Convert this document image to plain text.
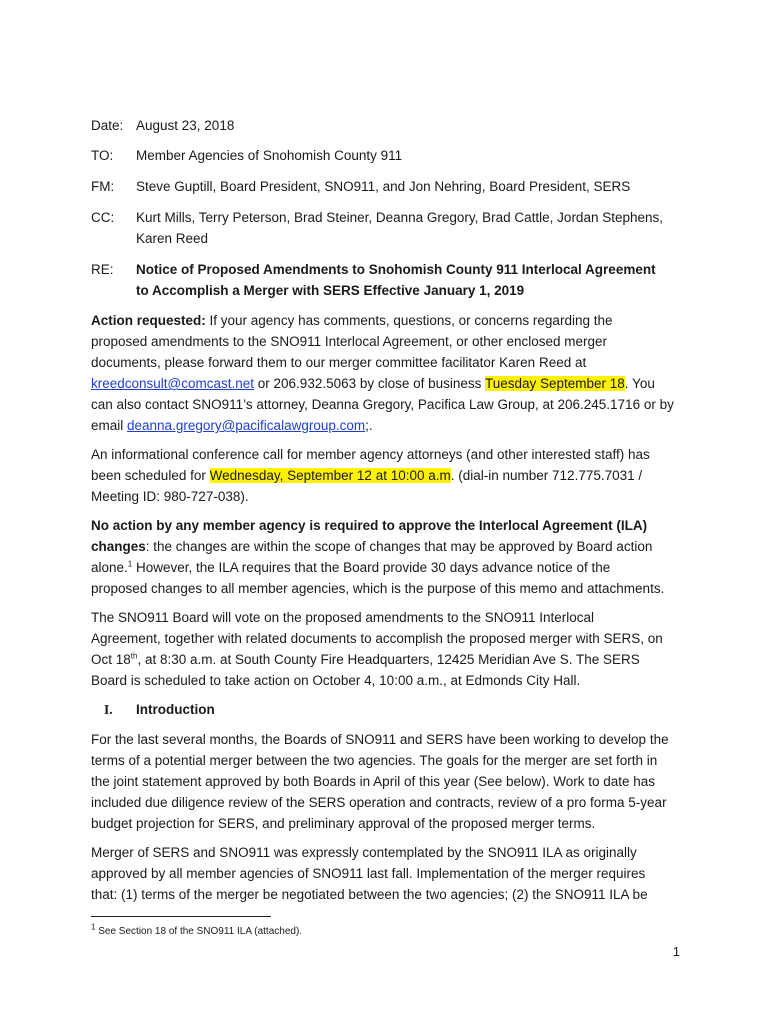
Date: August 23, 2018
TO:	Member Agencies of Snohomish County 911
FM:	Steve Guptill, Board President, SNO911, and Jon Nehring, Board President, SERS
CC:	Kurt Mills, Terry Peterson, Brad Steiner, Deanna Gregory, Brad Cattle, Jordan Stephens,
Karen Reed
RE:	Notice of Proposed Amendments to Snohomish County 911 Interlocal Agreement
to Accomplish a Merger with SERS Effective January 1, 2019
Action requested: If your agency has comments, questions, or concerns regarding the
proposed amendments to the SNO911 Interlocal Agreement, or other enclosed merger
documents, please forward them to our merger committee facilitator Karen Reed at
kreedconsult@comcast.net or 206.932.5063 by close of business Tuesday September 18. You
can also contact SNO911’s attorney, Deanna Gregory, Pacifica Law Group, at 206.245.1716 or by
email deanna.gregory@pacificalawgroup.com;.
An informational conference call for member agency attorneys (and other interested staff) has
been scheduled for Wednesday, September 12 at 10:00 a.m. (dial-in number 712.775.7031 /
Meeting ID: 980-727-038).
No action by any member agency is required to approve the Interlocal Agreement (ILA)
changes: the changes are within the scope of changes that may be approved by Board action
alone.$^1$ However, the ILA requires that the Board provide 30 days advance notice of the
proposed changes to all member agencies, which is the purpose of this memo and attachments.
The SNO911 Board will vote on the proposed amendments to the SNO911 Interlocal
Agreement, together with related documents to accomplish the proposed merger with SERS, on
Oct 18th, at 8:30 a.m. at South County Fire Headquarters, 12425 Meridian Ave S. The SERS
Board is scheduled to take action on October 4, 10:00 a.m., at Edmonds City Hall.
I. Introduction
For the last several months, the Boards of SNO911 and SERS have been working to develop the
terms of a potential merger between the two agencies. The goals for the merger are set forth in
the joint statement approved by both Boards in April of this year (See below). Work to date has
included due diligence review of the SERS operation and contracts, review of a pro forma 5-year
budget projection for SERS, and preliminary approval of the proposed merger terms.
Merger of SERS and SNO911 was expressly contemplated by the SNO911 ILA as originally
approved by all member agencies of SNO911 last fall. Implementation of the merger requires
that: (1) terms of the merger be negotiated between the two agencies; (2) the SNO911 ILA be
$^1$ See Section 18 of the SNO911 ILA (attached).
1
